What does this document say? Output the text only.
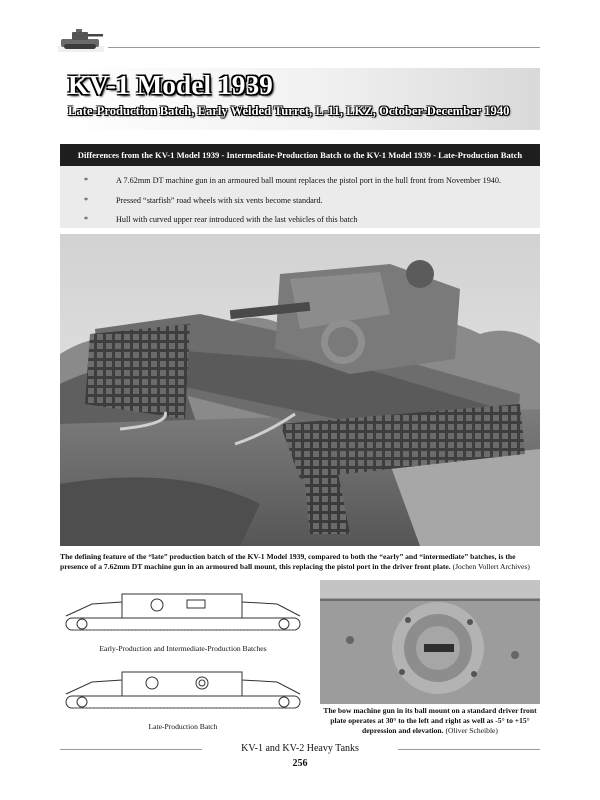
KV-1 Model 1939
Late-Production Batch, Early Welded Turret, L-11, LKZ, October-December 1940
Differences from the KV-1 Model 1939 - Intermediate-Production Batch to the KV-1 Model 1939 - Late-Production Batch
*	A 7.62mm DT machine gun in an armoured ball mount replaces the pistol port in the hull front from November 1940.
*	Pressed “starfish” road wheels with six vents become standard.
*	Hull with curved upper rear introduced with the last vehicles of this batch

The defining feature of the “late” production batch of the KV-1 Model 1939, compared to both the “early” and “intermediate” batches, is the presence of a 7.62mm DT machine gun in an armoured ball mount, this replacing the pistol port in the driver front plate. (Jochen Vollert Archives)

Early-Production and Intermediate-Production Batches

Late-Production Batch

The bow machine gun in its ball mount on a standard driver front plate operates at 30° to the left and right as well as -5° to +15° depression and elevation. (Oliver Scheible)

KV-1 and KV-2 Heavy Tanks

256
